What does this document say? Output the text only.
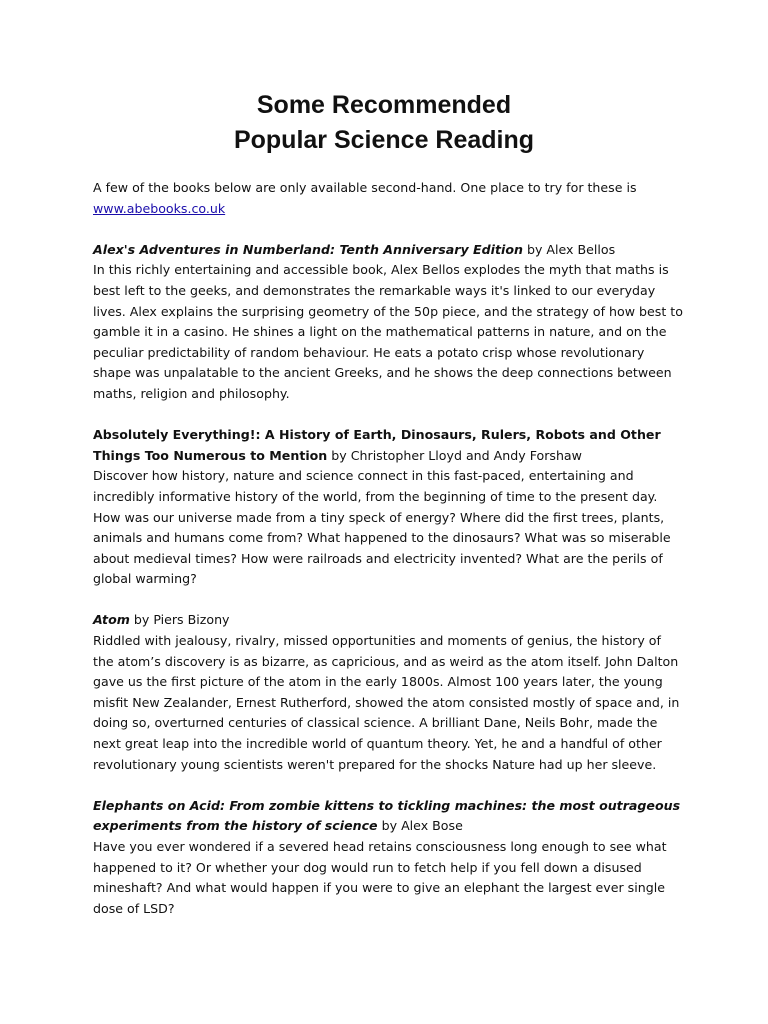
Some Recommended
Popular Science Reading

A few of the books below are only available second-hand. One place to try for these is
www.abebooks.co.uk

Alex's Adventures in Numberland: Tenth Anniversary Edition by Alex Bellos
In this richly entertaining and accessible book, Alex Bellos explodes the myth that maths is best left to the geeks, and demonstrates the remarkable ways it's linked to our everyday lives. Alex explains the surprising geometry of the 50p piece, and the strategy of how best to gamble it in a casino. He shines a light on the mathematical patterns in nature, and on the peculiar predictability of random behaviour. He eats a potato crisp whose revolutionary shape was unpalatable to the ancient Greeks, and he shows the deep connections between maths, religion and philosophy.

Absolutely Everything!: A History of Earth, Dinosaurs, Rulers, Robots and Other Things Too Numerous to Mention by Christopher Lloyd and Andy Forshaw
Discover how history, nature and science connect in this fast-paced, entertaining and incredibly informative history of the world, from the beginning of time to the present day. How was our universe made from a tiny speck of energy? Where did the first trees, plants, animals and humans come from? What happened to the dinosaurs? What was so miserable about medieval times? How were railroads and electricity invented? What are the perils of global warming?

Atom by Piers Bizony
Riddled with jealousy, rivalry, missed opportunities and moments of genius, the history of the atom’s discovery is as bizarre, as capricious, and as weird as the atom itself. John Dalton gave us the first picture of the atom in the early 1800s. Almost 100 years later, the young misfit New Zealander, Ernest Rutherford, showed the atom consisted mostly of space and, in doing so, overturned centuries of classical science. A brilliant Dane, Neils Bohr, made the next great leap into the incredible world of quantum theory. Yet, he and a handful of other revolutionary young scientists weren't prepared for the shocks Nature had up her sleeve.

Elephants on Acid: From zombie kittens to tickling machines: the most outrageous experiments from the history of science by Alex Bose
Have you ever wondered if a severed head retains consciousness long enough to see what happened to it? Or whether your dog would run to fetch help if you fell down a disused mineshaft? And what would happen if you were to give an elephant the largest ever single dose of LSD?
